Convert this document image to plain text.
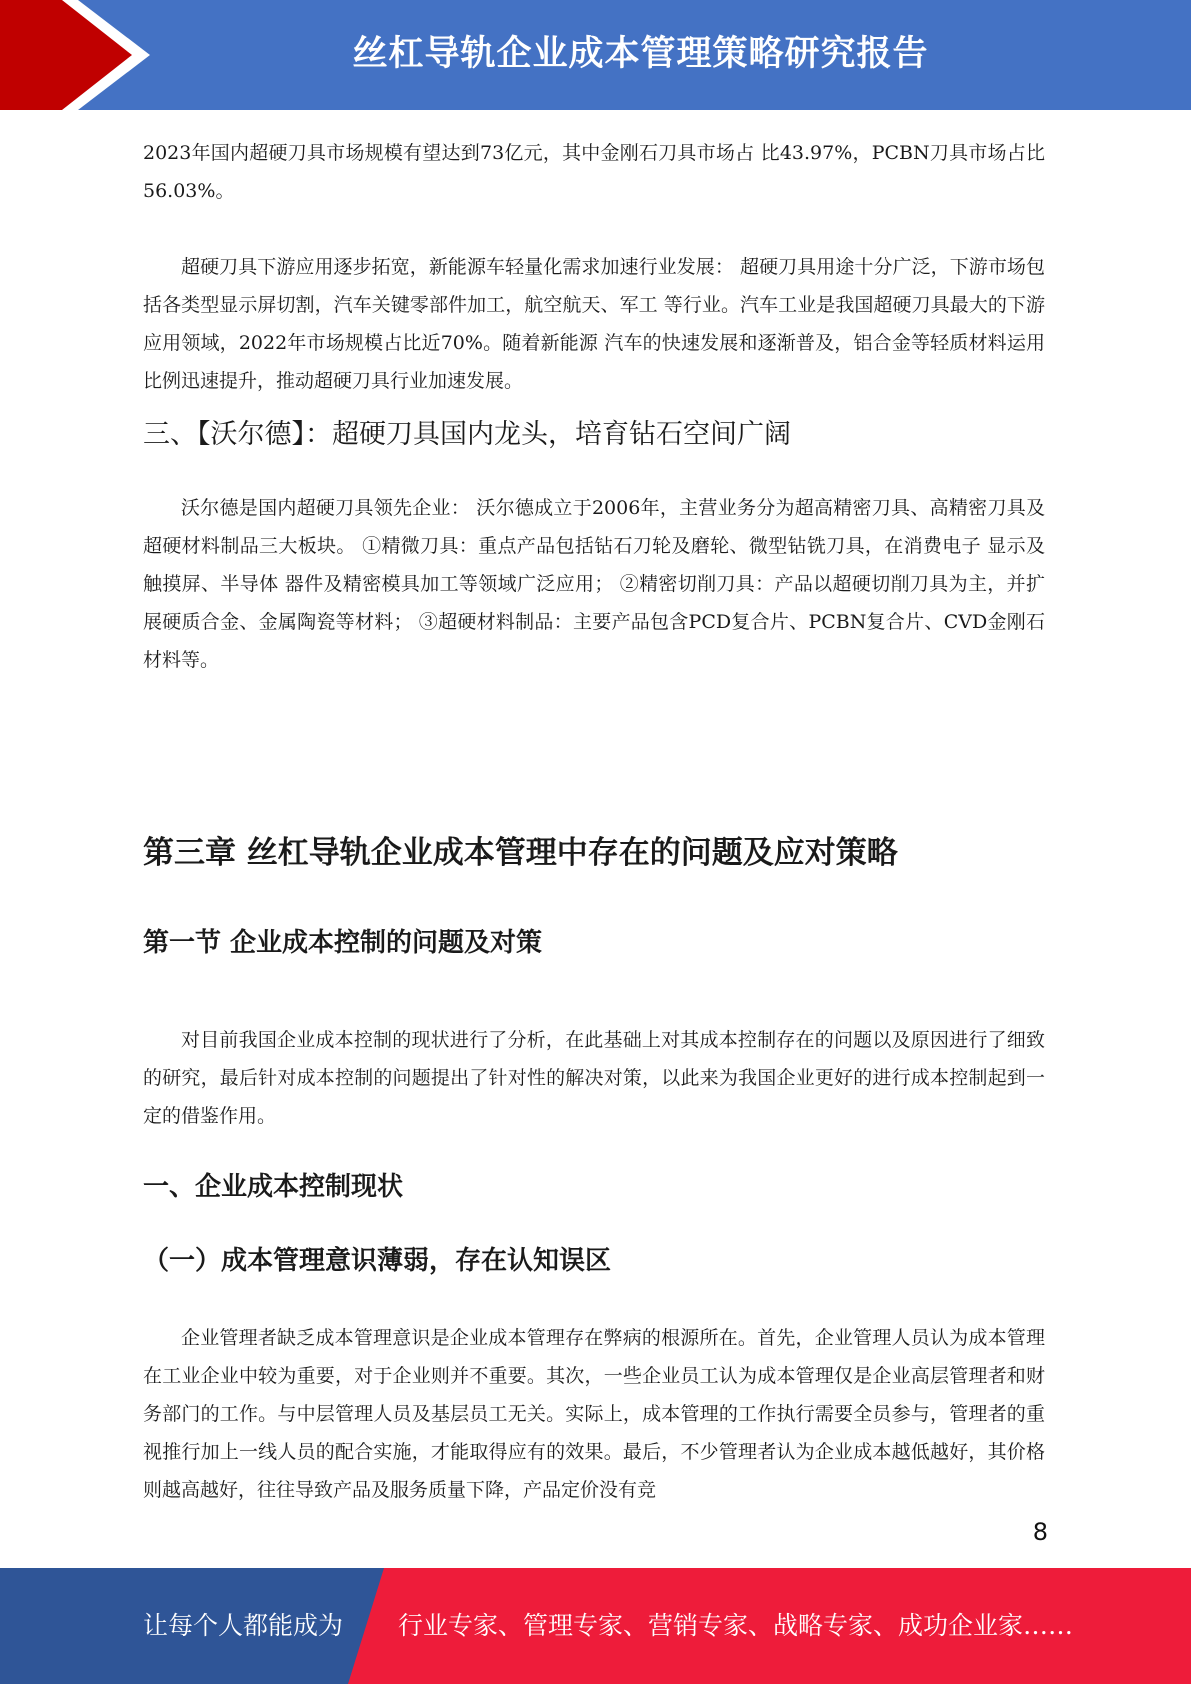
丝杠导轨企业成本管理策略研究报告

2023年国内超硬刀具市场规模有望达到73亿元，其中金刚石刀具市场占 比43.97%，PCBN刀具市场占比56.03%。

超硬刀具下游应用逐步拓宽，新能源车轻量化需求加速行业发展： 超硬刀具用途十分广泛，下游市场包括各类型显示屏切割，汽车关键零部件加工，航空航天、军工 等行业。汽车工业是我国超硬刀具最大的下游应用领域，2022年市场规模占比近70%。随着新能源 汽车的快速发展和逐渐普及，铝合金等轻质材料运用比例迅速提升，推动超硬刀具行业加速发展。

三、【沃尔德】：超硬刀具国内龙头，培育钻石空间广阔

沃尔德是国内超硬刀具领先企业： 沃尔德成立于2006年，主营业务分为超高精密刀具、高精密刀具及超硬材料制品三大板块。 ①精微刀具：重点产品包括钻石刀轮及磨轮、微型钻铣刀具，在消费电子 显示及触摸屏、半导体 器件及精密模具加工等领域广泛应用； ②精密切削刀具：产品以超硬切削刀具为主，并扩展硬质合金、金属陶瓷等材料； ③超硬材料制品：主要产品包含PCD复合片、PCBN复合片、CVD金刚石材料等。

第三章 丝杠导轨企业成本管理中存在的问题及应对策略
第一节 企业成本控制的问题及对策

对目前我国企业成本控制的现状进行了分析，在此基础上对其成本控制存在的问题以及原因进行了细致的研究，最后针对成本控制的问题提出了针对性的解决对策，以此来为我国企业更好的进行成本控制起到一定的借鉴作用。

一、企业成本控制现状
（一）成本管理意识薄弱，存在认知误区

企业管理者缺乏成本管理意识是企业成本管理存在弊病的根源所在。首先，企业管理人员认为成本管理在工业企业中较为重要，对于企业则并不重要。其次，一些企业员工认为成本管理仅是企业高层管理者和财务部门的工作。与中层管理人员及基层员工无关。实际上，成本管理的工作执行需要全员参与，管理者的重视推行加上一线人员的配合实施，才能取得应有的效果。最后，不少管理者认为企业成本越低越好，其价格则越高越好，往往导致产品及服务质量下降，产品定价没有竞

8
让每个人都能成为 行业专家、管理专家、营销专家、战略专家、成功企业家……
